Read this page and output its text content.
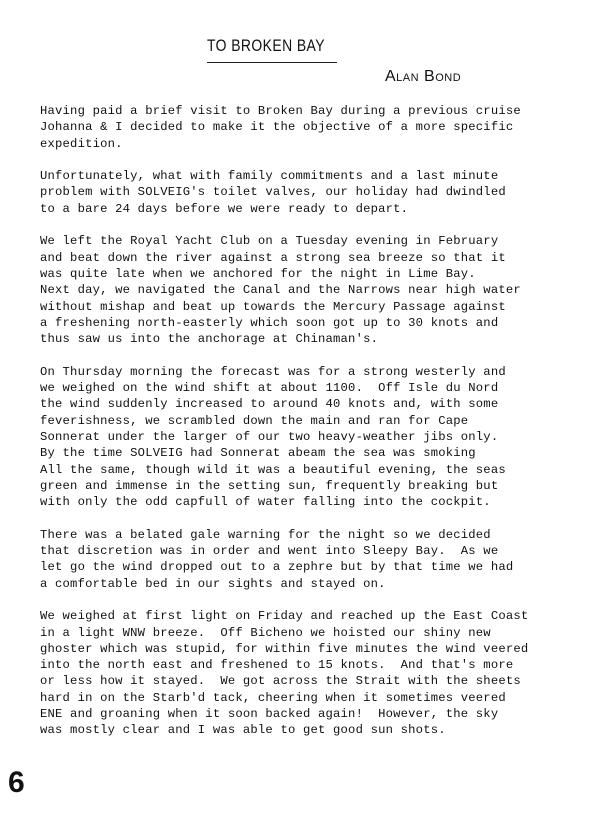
TO BROKEN BAY

Alan Bond

Having paid a brief visit to Broken Bay during a previous cruise
Johanna & I decided to make it the objective of a more specific
expedition.

Unfortunately, what with family commitments and a last minute
problem with SOLVEIG's toilet valves, our holiday had dwindled
to a bare 24 days before we were ready to depart.

We left the Royal Yacht Club on a Tuesday evening in February
and beat down the river against a strong sea breeze so that it
was quite late when we anchored for the night in Lime Bay.
Next day, we navigated the Canal and the Narrows near high water
without mishap and beat up towards the Mercury Passage against
a freshening north-easterly which soon got up to 30 knots and
thus saw us into the anchorage at Chinaman's.

On Thursday morning the forecast was for a strong westerly and
we weighed on the wind shift at about 1100.  Off Isle du Nord
the wind suddenly increased to around 40 knots and, with some
feverishness, we scrambled down the main and ran for Cape
Sonnerat under the larger of our two heavy-weather jibs only.
By the time SOLVEIG had Sonnerat abeam the sea was smoking
All the same, though wild it was a beautiful evening, the seas
green and immense in the setting sun, frequently breaking but
with only the odd capfull of water falling into the cockpit.

There was a belated gale warning for the night so we decided
that discretion was in order and went into Sleepy Bay.  As we
let go the wind dropped out to a zephre but by that time we had
a comfortable bed in our sights and stayed on.

We weighed at first light on Friday and reached up the East Coast
in a light WNW breeze.  Off Bicheno we hoisted our shiny new
ghoster which was stupid, for within five minutes the wind veered
into the north east and freshened to 15 knots.  And that's more
or less how it stayed.  We got across the Strait with the sheets
hard in on the Starb'd tack, cheering when it sometimes veered
ENE and groaning when it soon backed again!  However, the sky
was mostly clear and I was able to get good sun shots.

6
